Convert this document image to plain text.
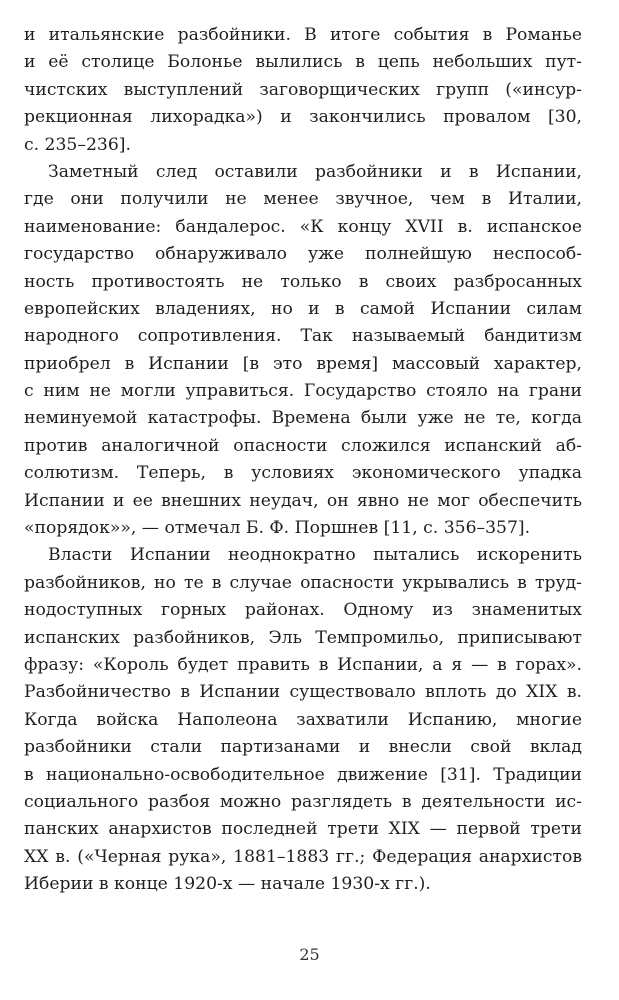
и итальянские разбойники. В итоге события в Романье
и её столице Болонье вылились в цепь небольших пут-
чистских выступлений заговорщических групп («инсур-
рекционная лихорадка») и закончились провалом [30,
с. 235–236].
Заметный след оставили разбойники и в Испании,
где они получили не менее звучное, чем в Италии,
наименование: бандалерос. «К концу XVII в. испанское
государство обнаруживало уже полнейшую неспособ-
ность противостоять не только в своих разбросанных
европейских владениях, но и в самой Испании силам
народного сопротивления. Так называемый бандитизм
приобрел в Испании [в это время] массовый характер,
с ним не могли управиться. Государство стояло на грани
неминуемой катастрофы. Времена были уже не те, когда
против аналогичной опасности сложился испанский аб-
солютизм. Теперь, в условиях экономического упадка
Испании и ее внешних неудач, он явно не мог обеспечить
«порядок»», — отмечал Б. Ф. Поршнев [11, с. 356–357].
Власти Испании неоднократно пытались искоренить
разбойников, но те в случае опасности укрывались в труд-
нодоступных горных районах. Одному из знаменитых
испанских разбойников, Эль Темпромильо, приписывают
фразу: «Король будет править в Испании, а я — в горах».
Разбойничество в Испании существовало вплоть до XIX в.
Когда войска Наполеона захватили Испанию, многие
разбойники стали партизанами и внесли свой вклад
в национально-освободительное движение [31]. Традиции
социального разбоя можно разглядеть в деятельности ис-
панских анархистов последней трети XIX — первой трети
XX в. («Черная рука», 1881–1883 гг.; Федерация анархистов
Иберии в конце 1920-х — начале 1930-х гг.).
25
